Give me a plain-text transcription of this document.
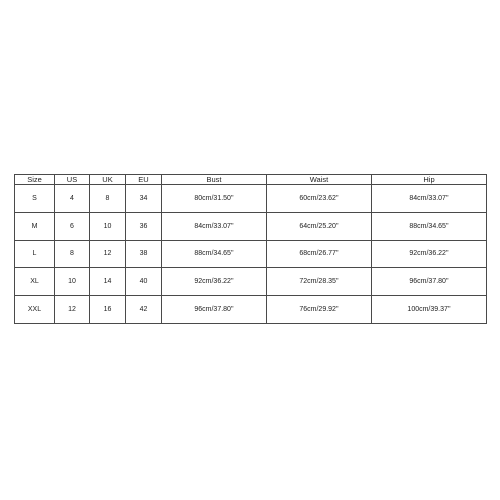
Size	US	UK	EU	Bust	Waist	Hip
S	4	8	34	80cm/31.50''	60cm/23.62''	84cm/33.07''
M	6	10	36	84cm/33.07''	64cm/25.20''	88cm/34.65''
L	8	12	38	88cm/34.65''	68cm/26.77''	92cm/36.22''
XL	10	14	40	92cm/36.22''	72cm/28.35''	96cm/37.80''
XXL	12	16	42	96cm/37.80''	76cm/29.92''	100cm/39.37''
